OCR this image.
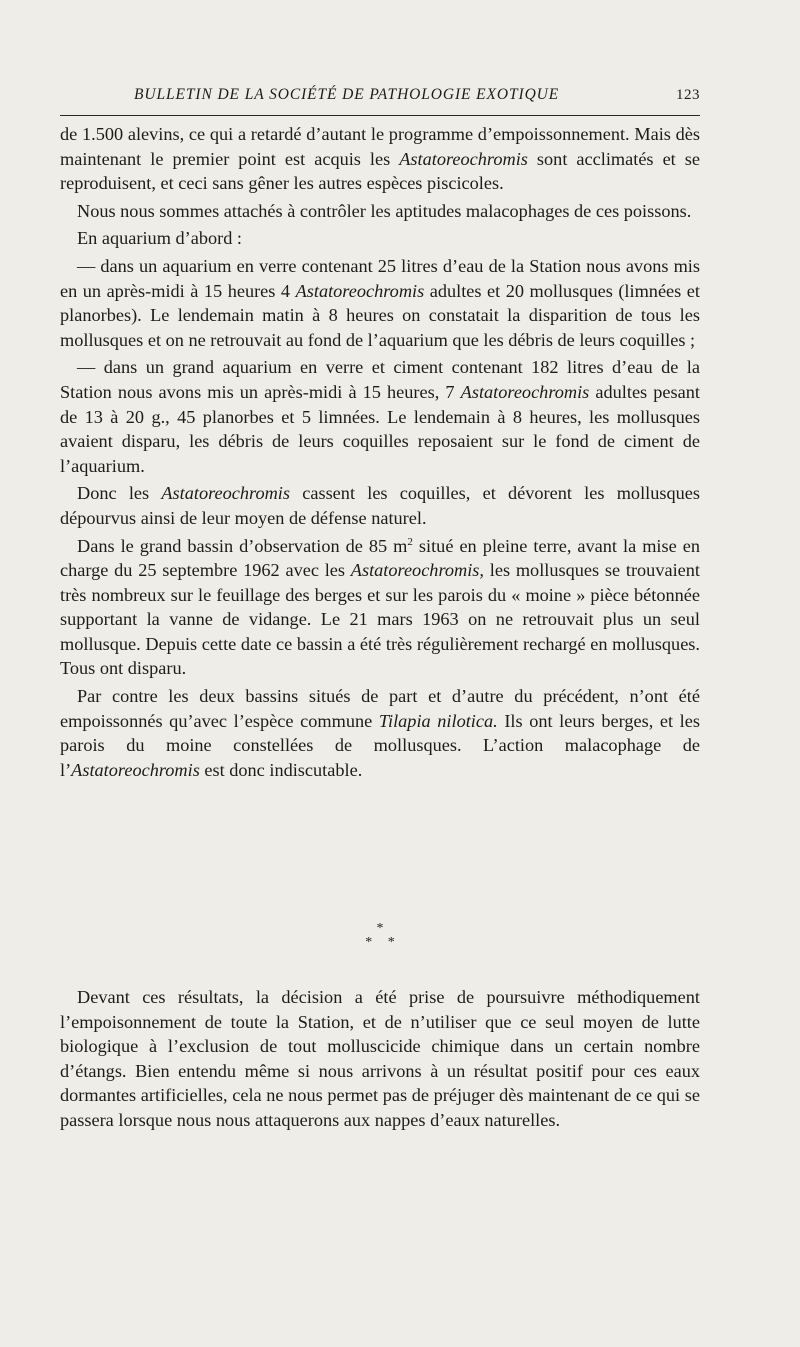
BULLETIN DE LA SOCIÉTÉ DE PATHOLOGIE EXOTIQUE	123

de 1.500 alevins, ce qui a retardé d’autant le programme d’empoissonnement. Mais dès maintenant le premier point est acquis les Astatoreochromis sont acclimatés et se reproduisent, et ceci sans gêner les autres espèces piscicoles.

Nous nous sommes attachés à contrôler les aptitudes malacophages de ces poissons.

En aquarium d’abord :

— dans un aquarium en verre contenant 25 litres d’eau de la Station nous avons mis en un après-midi à 15 heures 4 Astatoreochromis adultes et 20 mollusques (limnées et planorbes). Le lendemain matin à 8 heures on constatait la disparition de tous les mollusques et on ne retrouvait au fond de l’aquarium que les débris de leurs coquilles ;

— dans un grand aquarium en verre et ciment contenant 182 litres d’eau de la Station nous avons mis un après-midi à 15 heures, 7 Astatoreochromis adultes pesant de 13 à 20 g., 45 planorbes et 5 limnées. Le lendemain à 8 heures, les mollusques avaient disparu, les débris de leurs coquilles reposaient sur le fond de ciment de l’aquarium.

Donc les Astatoreochromis cassent les coquilles, et dévorent les mollusques dépourvus ainsi de leur moyen de défense naturel.

Dans le grand bassin d’observation de 85 $m^2$ situé en pleine terre, avant la mise en charge du 25 septembre 1962 avec les Astatoreochromis, les mollusques se trouvaient très nombreux sur le feuillage des berges et sur les parois du « moine » pièce bétonnée supportant la vanne de vidange. Le 21 mars 1963 on ne retrouvait plus un seul mollusque. Depuis cette date ce bassin a été très régulièrement rechargé en mollusques. Tous ont disparu.

Par contre les deux bassins situés de part et d’autre du précédent, n’ont été empoissonnés qu’avec l’espèce commune Tilapia nilotica. Ils ont leurs berges, et les parois du moine constellées de mollusques. L’action malacophage de l’Astatoreochromis est donc indiscutable.

*
* *

Devant ces résultats, la décision a été prise de poursuivre méthodiquement l’empoisonnement de toute la Station, et de n’utiliser que ce seul moyen de lutte biologique à l’exclusion de tout molluscicide chimique dans un certain nombre d’étangs. Bien entendu même si nous arrivons à un résultat positif pour ces eaux dormantes artificielles, cela ne nous permet pas de préjuger dès maintenant de ce qui se passera lorsque nous nous attaquerons aux nappes d’eaux naturelles.
